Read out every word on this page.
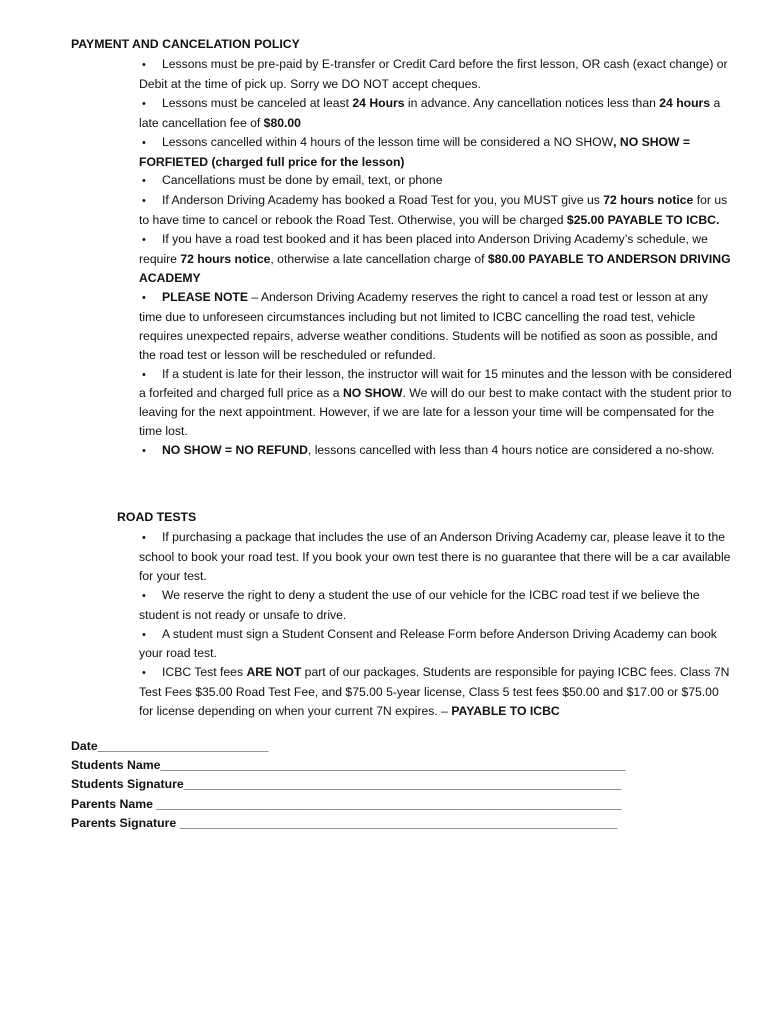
PAYMENT AND CANCELATION POLICY

•Lessons must be pre-paid by E-transfer or Credit Card before the first lesson, OR cash (exact change) or Debit at the time of pick up. Sorry we DO NOT accept cheques.

•Lessons must be canceled at least 24 Hours in advance. Any cancellation notices less than 24 hours a late cancellation fee of $80.00

•Lessons cancelled within 4 hours of the lesson time will be considered a NO SHOW, NO SHOW = FORFIETED (charged full price for the lesson)

•Cancellations must be done by email, text, or phone

•If Anderson Driving Academy has booked a Road Test for you, you MUST give us 72 hours notice for us to have time to cancel or rebook the Road Test. Otherwise, you will be charged $25.00 PAYABLE TO ICBC.

•If you have a road test booked and it has been placed into Anderson Driving Academy’s schedule, we require 72 hours notice, otherwise a late cancellation charge of $80.00 PAYABLE TO ANDERSON DRIVING ACADEMY

•PLEASE NOTE – Anderson Driving Academy reserves the right to cancel a road test or lesson at any time due to unforeseen circumstances including but not limited to ICBC cancelling the road test, vehicle requires unexpected repairs, adverse weather conditions. Students will be notified as soon as possible, and the road test or lesson will be rescheduled or refunded.

•If a student is late for their lesson, the instructor will wait for 15 minutes and the lesson with be considered a forfeited and charged full price as a NO SHOW. We will do our best to make contact with the student prior to leaving for the next appointment. However, if we are late for a lesson your time will be compensated for the time lost.

•NO SHOW = NO REFUND, lessons cancelled with less than 4 hours notice are considered a no-show.

ROAD TESTS

•If purchasing a package that includes the use of an Anderson Driving Academy car, please leave it to the school to book your road test. If you book your own test there is no guarantee that there will be a car available for your test.

•We reserve the right to deny a student the use of our vehicle for the ICBC road test if we believe the student is not ready or unsafe to drive.

•A student must sign a Student Consent and Release Form before Anderson Driving Academy can book your road test.

•ICBC Test fees ARE NOT part of our packages. Students are responsible for paying ICBC fees. Class 7N Test Fees $35.00 Road Test Fee, and $75.00 5-year license, Class 5 test fees $50.00 and $17.00 or $75.00 for license depending on when your current 7N expires. – PAYABLE TO ICBC

Date_________________________
Students Name____________________________________________________________________
Students Signature________________________________________________________________
Parents Name ____________________________________________________________________
Parents Signature ________________________________________________________________
